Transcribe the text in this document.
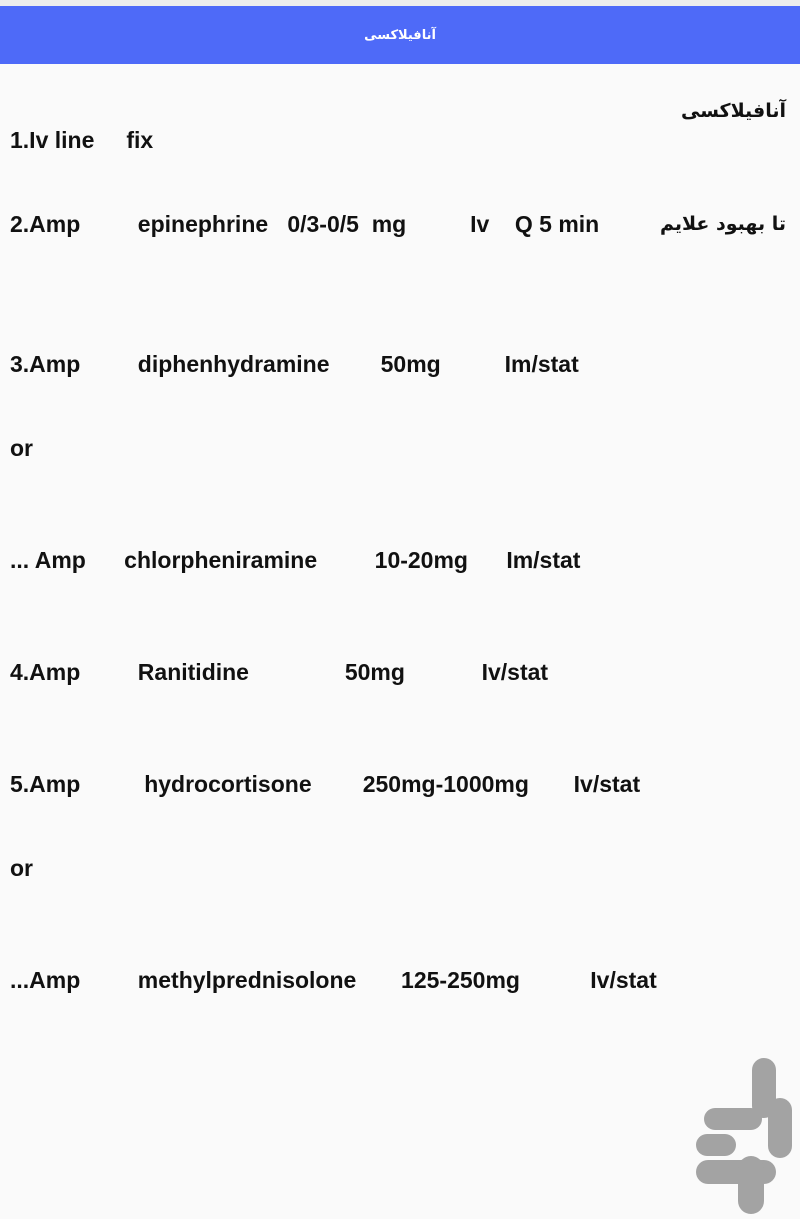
آنافیلاکسی
آنافیلاکسی
1.Iv line     fix
2.Amp         epinephrine   0/3-0/5  mg          Iv    Q 5 min	تا بهبود علایم
3.Amp         diphenhydramine        50mg          Im/stat
or
... Amp      chlorpheniramine         10-20mg      Im/stat
4.Amp         Ranitidine               50mg            Iv/stat
5.Amp          hydrocortisone        250mg-1000mg       Iv/stat
or
...Amp         methylprednisolone       125-250mg           Iv/stat
